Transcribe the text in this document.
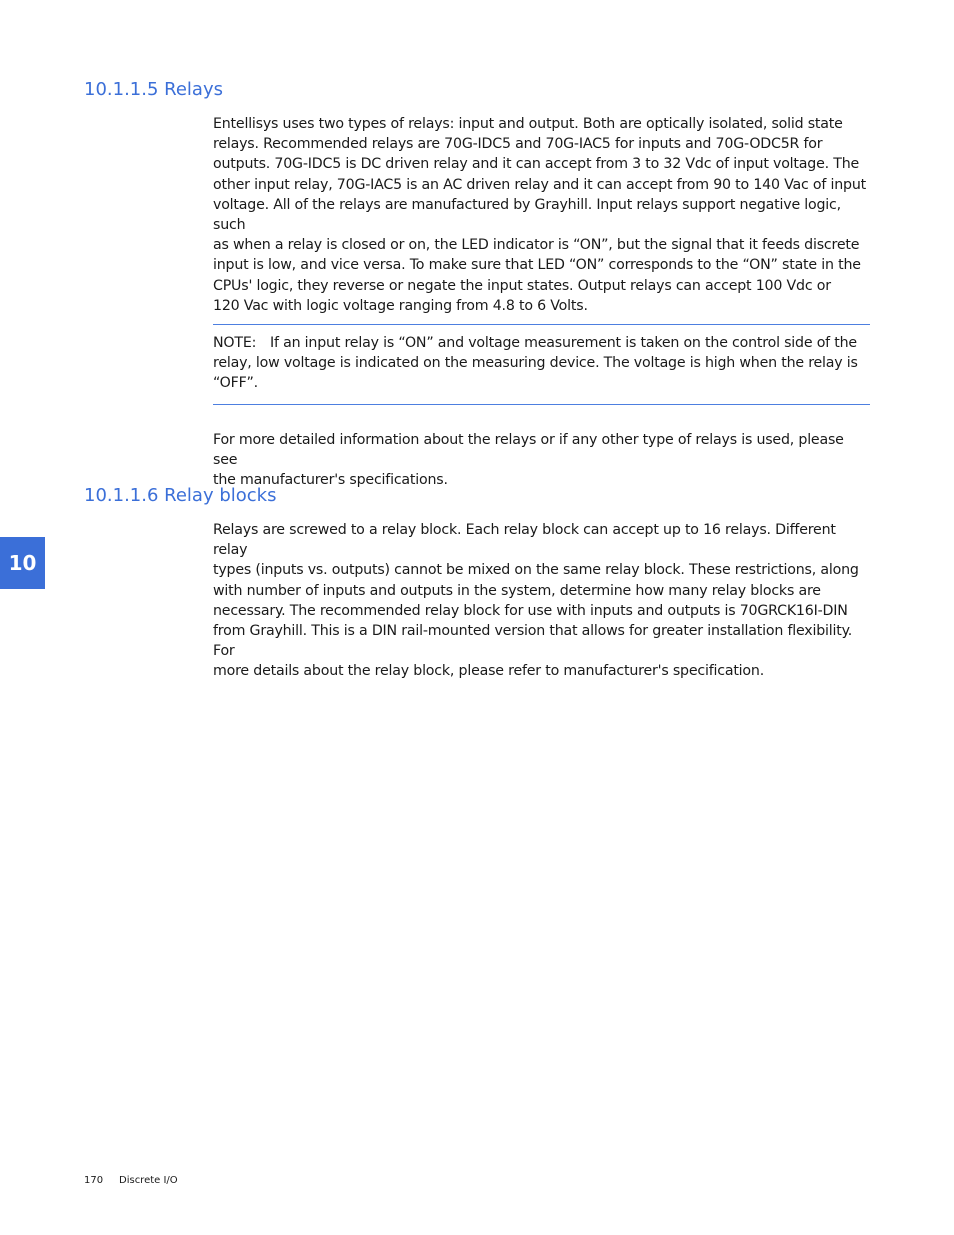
10.1.1.5 Relays

Entellisys uses two types of relays: input and output. Both are optically isolated, solid state
relays. Recommended relays are 70G-IDC5 and 70G-IAC5 for inputs and 70G-ODC5R for
outputs. 70G-IDC5 is DC driven relay and it can accept from 3 to 32 Vdc of input voltage. The
other input relay, 70G-IAC5 is an AC driven relay and it can accept from 90 to 140 Vac of input
voltage. All of the relays are manufactured by Grayhill. Input relays support negative logic, such
as when a relay is closed or on, the LED indicator is “ON”, but the signal that it feeds discrete
input is low, and vice versa. To make sure that LED “ON” corresponds to the “ON” state in the
CPUs' logic, they reverse or negate the input states. Output relays can accept 100 Vdc or
120 Vac with logic voltage ranging from 4.8 to 6 Volts.

NOTE: If an input relay is “ON” and voltage measurement is taken on the control side of the
relay, low voltage is indicated on the measuring device. The voltage is high when the relay is
“OFF”.

For more detailed information about the relays or if any other type of relays is used, please see
the manufacturer's specifications.

10.1.1.6 Relay blocks

Relays are screwed to a relay block. Each relay block can accept up to 16 relays. Different relay
types (inputs vs. outputs) cannot be mixed on the same relay block. These restrictions, along
with number of inputs and outputs in the system, determine how many relay blocks are
necessary. The recommended relay block for use with inputs and outputs is 70GRCK16I-DIN
from Grayhill. This is a DIN rail-mounted version that allows for greater installation flexibility. For
more details about the relay block, please refer to manufacturer's specification.

10
170 Discrete I/O
